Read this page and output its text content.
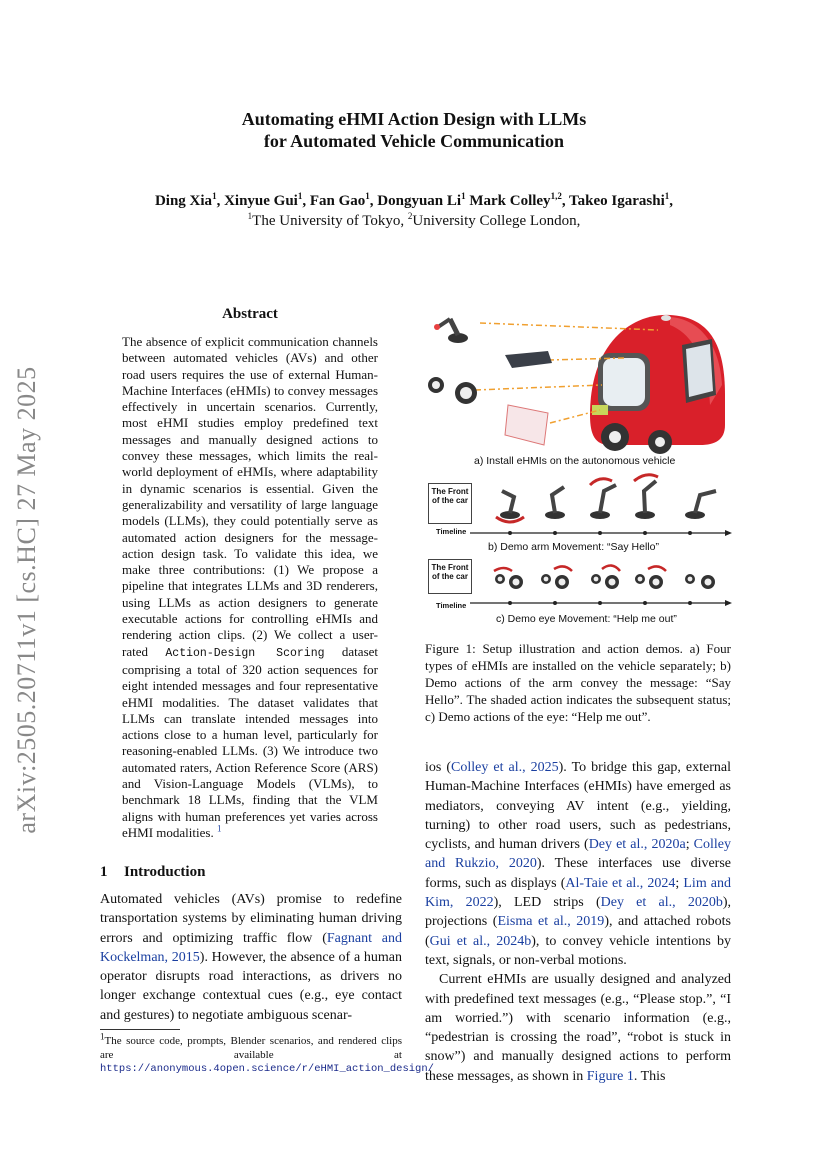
arXiv:2505.20711v1 [cs.HC] 27 May 2025
Automating eHMI Action Design with LLMs
for Automated Vehicle Communication
Ding Xia$^1$, Xinyue Gui$^1$, Fan Gao$^1$, Dongyuan Li$^1$ Mark Colley$^{1,2}$, Takeo Igarashi$^1$,
$^1$The University of Tokyo, $^2$University College London,
Abstract
The absence of explicit communication channels between automated vehicles (AVs) and other road users requires the use of external Human-Machine Interfaces (eHMIs) to convey messages effectively in uncertain scenarios. Currently, most eHMI studies employ predefined text messages and manually designed actions to convey these messages, which limits the real-world deployment of eHMIs, where adaptability in dynamic scenarios is essential. Given the generalizability and versatility of large language models (LLMs), they could potentially serve as automated action designers for the message-action design task. To validate this idea, we make three contributions: (1) We propose a pipeline that integrates LLMs and 3D renderers, using LLMs as action designers to generate executable actions for controlling eHMIs and rendering action clips. (2) We collect a user-rated Action-Design Scoring dataset comprising a total of 320 action sequences for eight intended messages and four representative eHMI modalities. The dataset validates that LLMs can translate intended messages into actions close to a human level, particularly for reasoning-enabled LLMs. (3) We introduce two automated raters, Action Reference Score (ARS) and Vision-Language Models (VLMs), to benchmark 18 LLMs, finding that the VLM aligns with human preferences yet varies across eHMI modalities. $^1$
1 Introduction
Automated vehicles (AVs) promise to redefine transportation systems by eliminating human driving errors and optimizing traffic flow (Fagnant and Kockelman, 2015). However, the absence of a human operator disrupts road interactions, as drivers no longer exchange contextual cues (e.g., eye contact and gestures) to negotiate ambiguous scenar-
$^1$The source code, prompts, Blender scenarios, and rendered clips are available at https://anonymous.4open.science/r/eHMI_action_design/
a) Install eHMIs on the autonomous vehicle
The Front of the car
Timeline
b) Demo arm Movement: “Say Hello”
The Front of the car
Timeline
c) Demo eye Movement: “Help me out”
Figure 1: Setup illustration and action demos. a) Four types of eHMIs are installed on the vehicle separately; b) Demo actions of the arm convey the message: “Say Hello”. The shaded action indicates the subsequent status; c) Demo actions of the eye: “Help me out”.

ios (Colley et al., 2025). To bridge this gap, external Human-Machine Interfaces (eHMIs) have emerged as mediators, conveying AV intent (e.g., yielding, turning) to other road users, such as pedestrians, cyclists, and human drivers (Dey et al., 2020a; Colley and Rukzio, 2020). These interfaces use diverse forms, such as displays (Al-Taie et al., 2024; Lim and Kim, 2022), LED strips (Dey et al., 2020b), projections (Eisma et al., 2019), and attached robots (Gui et al., 2024b), to convey vehicle intentions by text, signals, or non-verbal motions.

Current eHMIs are usually designed and analyzed with predefined text messages (e.g., “Please stop.”, “I am worried.”) with scenario information (e.g., “pedestrian is crossing the road”, “robot is stuck in snow”) and manually designed actions to perform these messages, as shown in Figure 1. This
